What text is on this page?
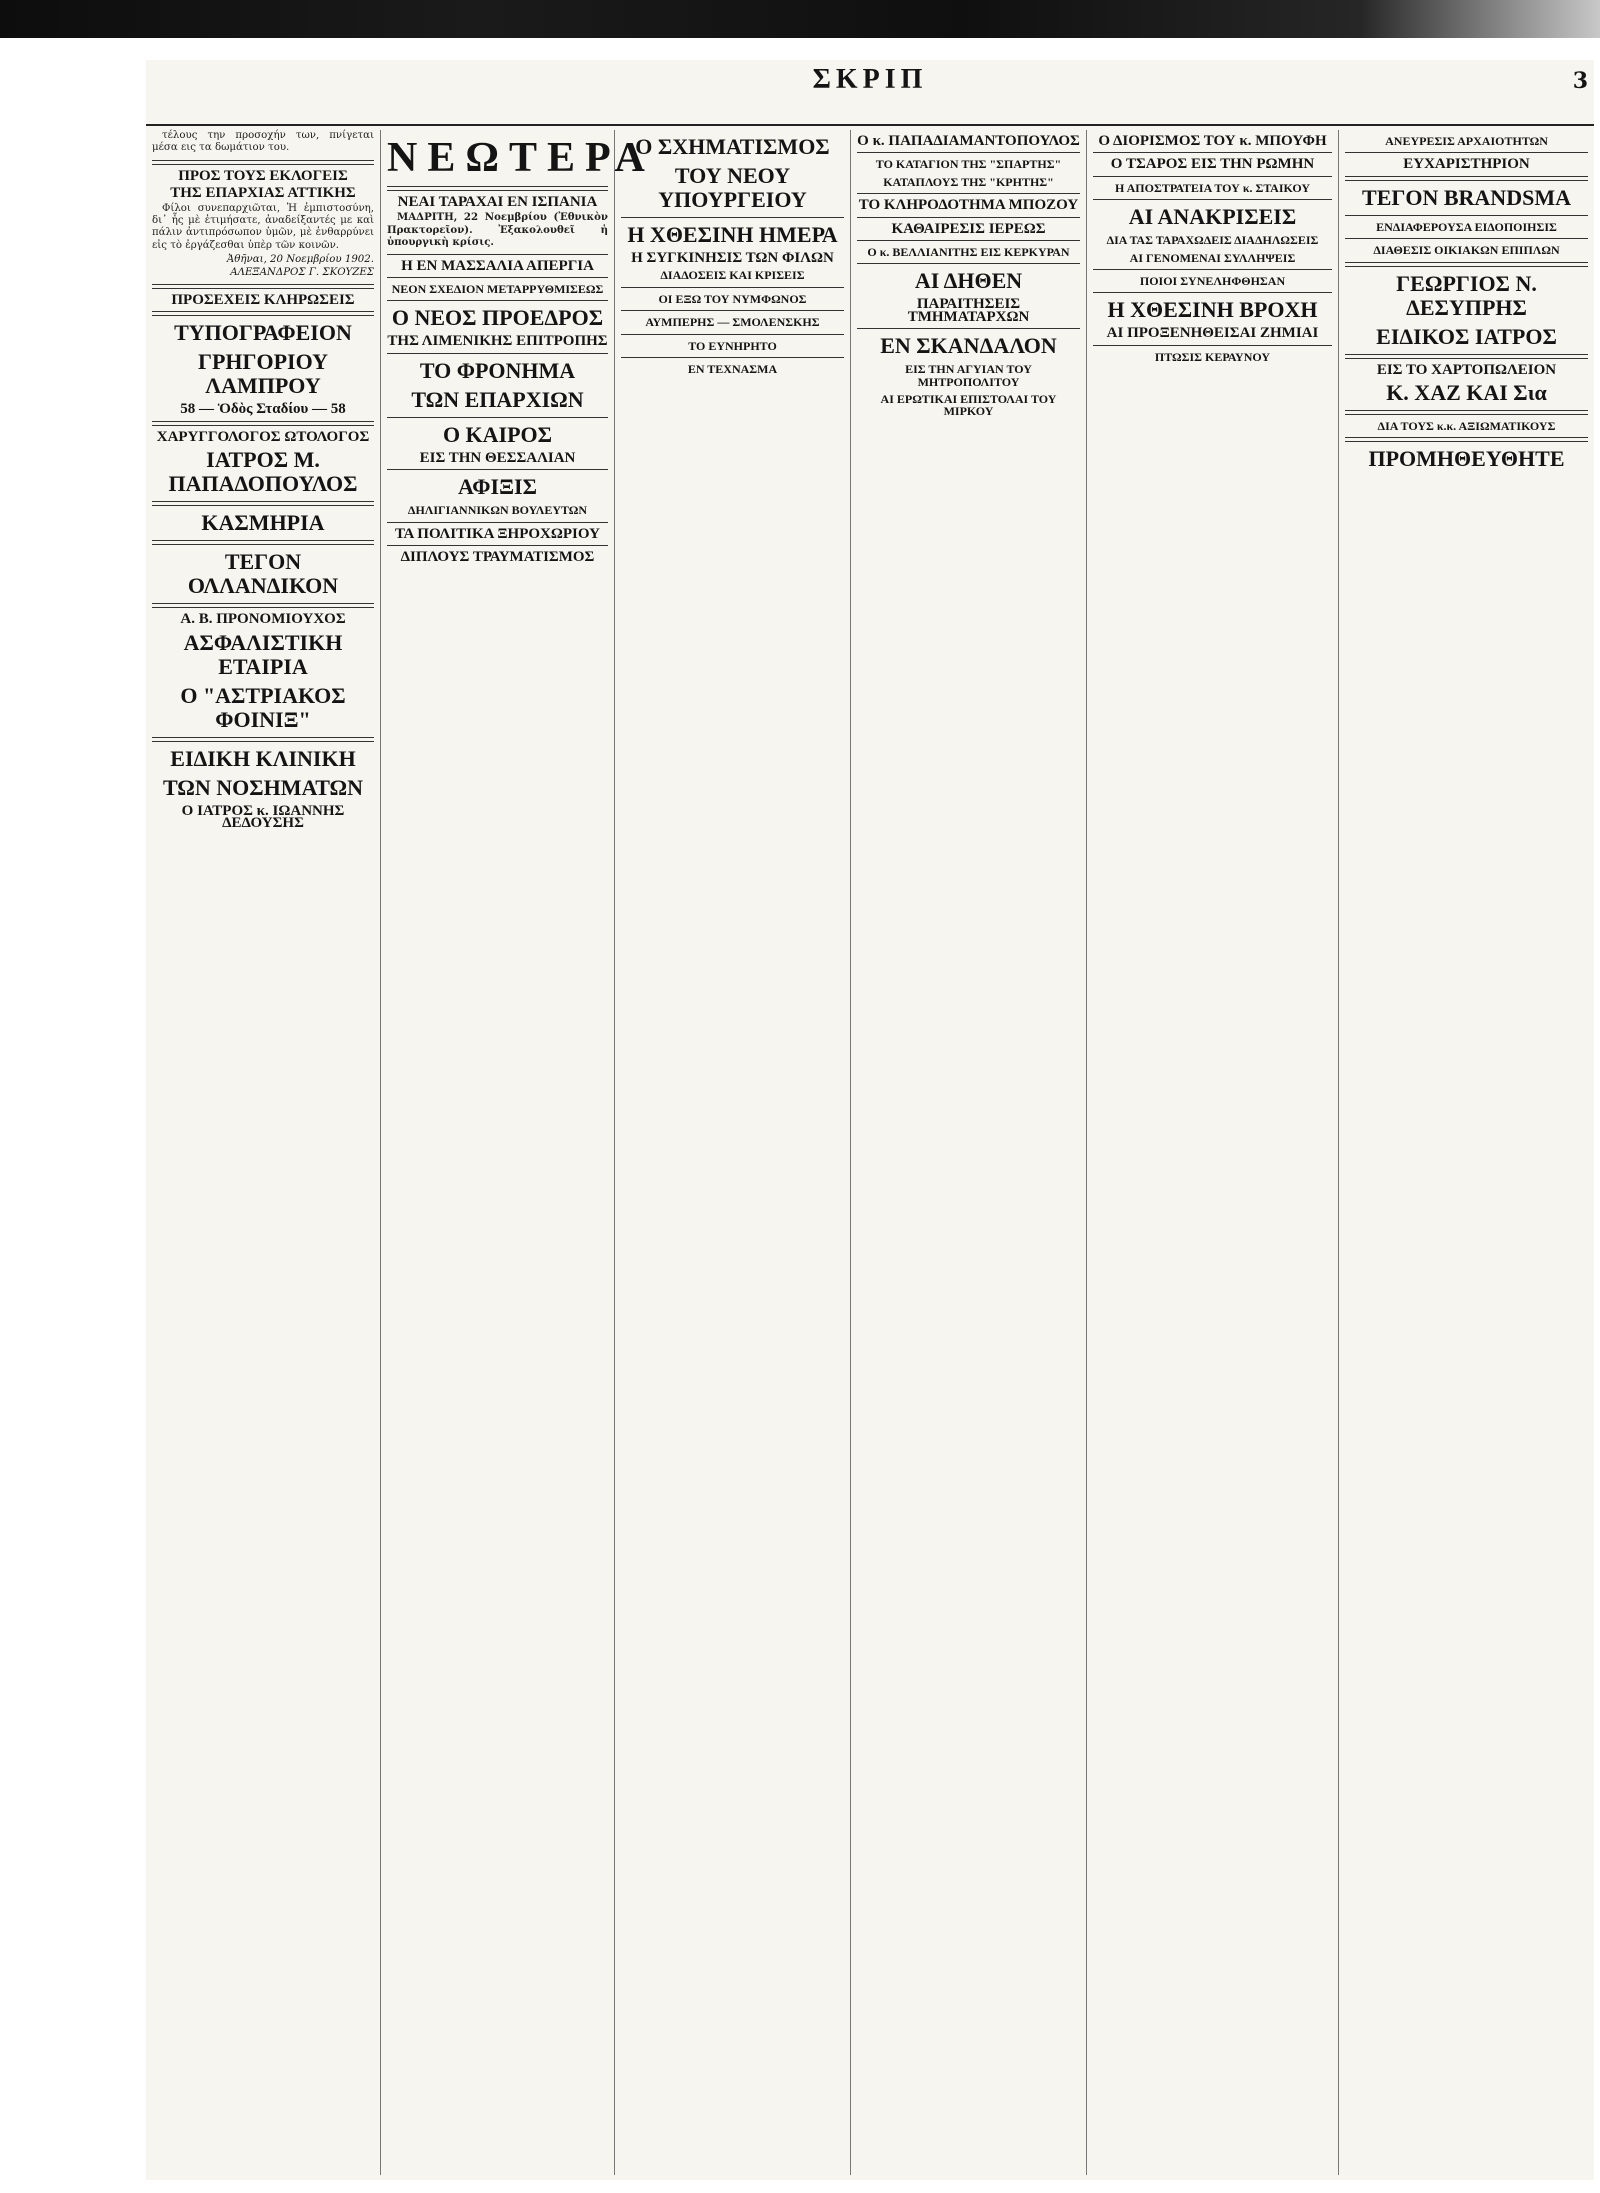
ΣΚΡΙΠ	3
τέλους την προσοχήν των, πνίγεται μέσα εις τα δωμάτιον του.
ΠΡΟΣ ΤΟΥΣ ΕΚΛΟΓΕΙΣ
ΤΗΣ ΕΠΑΡΧΙΑΣ ΑΤΤΙΚΗΣ
Φίλοι συνεπαρχιῶται, Ἡ ἐμπιστοσύνη, δι᾽ ἧς μὲ ἐτιμήσατε, ἀναδείξαντές με καὶ πάλιν ἀντιπρόσωπον ὑμῶν, μὲ ἐνθαρρύνει εἰς τὸ ἐργάζεσθαι ὑπὲρ τῶν κοινῶν.
Ἀθῆναι, 20 Νοεμβρίου 1902. ΑΛΕΞΑΝΔΡΟΣ Γ. ΣΚΟΥΖΕΣ
ΠΡΟΣΕΧΕΙΣ ΚΛΗΡΩΣΕΙΣ
ΤΥΠΟΓΡΑΦΕΙΟΝ
ΓΡΗΓΟΡΙΟΥ ΛΑΜΠΡΟΥ
58 — Ὁδὸς Σταδίου — 58
ΧΑΡΥΓΓΟΛΟΓΟΣ ΩΤΟΛΟΓΟΣ
ΙΑΤΡΟΣ Μ. ΠΑΠΑΔΟΠΟΥΛΟΣ
ΚΑΣΜΗΡΙΑ
ΤΕΓΟΝ ΟΛΛΑΝΔΙΚΟΝ
Α. Β. ΠΡΟΝΟΜΙΟΥΧΟΣ
ΑΣΦΑΛΙΣΤΙΚΗ ΕΤΑΙΡΙΑ
Ο "ΑΣΤΡΙΑΚΟΣ ΦΟΙΝΙΞ"
ΕΙΔΙΚΗ ΚΛΙΝΙΚΗ
ΤΩΝ ΝΟΣΗΜΑΤΩΝ
Ο ΙΑΤΡΟΣ κ. ΙΩΑΝΝΗΣ ΔΕΔΟΥΣΗΣ
ΝΕΩΤΕΡΑ
ΝΕΑΙ ΤΑΡΑΧΑΙ ΕΝ ΙΣΠΑΝΙΑ
ΜΑΔΡΙΤΗ, 22 Νοεμβρίου (Ἐθνικὸν Πρακτορεῖον). Ἐξακολουθεῖ ἡ ὑπουργικὴ κρίσις.
Η ΕΝ ΜΑΣΣΑΛΙΑ ΑΠΕΡΓΙΑ
ΝΕΟΝ ΣΧΕΔΙΟΝ ΜΕΤΑΡΡΥΘΜΙΣΕΩΣ
Ο ΝΕΟΣ ΠΡΟΕΔΡΟΣ
ΤΗΣ ΛΙΜΕΝΙΚΗΣ ΕΠΙΤΡΟΠΗΣ
ΤΟ ΦΡΟΝΗΜΑ
ΤΩΝ ΕΠΑΡΧΙΩΝ
Ο ΚΑΙΡΟΣ
ΕΙΣ ΤΗΝ ΘΕΣΣΑΛΙΑΝ
ΑΦΙΞΙΣ
ΔΗΛΙΓΙΑΝΝΙΚΩΝ ΒΟΥΛΕΥΤΩΝ
ΤΑ ΠΟΛΙΤΙΚΑ ΞΗΡΟΧΩΡΙΟΥ
ΔΙΠΛΟΥΣ ΤΡΑΥΜΑΤΙΣΜΟΣ
Ο ΣΧΗΜΑΤΙΣΜΟΣ
ΤΟΥ ΝΕΟΥ ΥΠΟΥΡΓΕΙΟΥ
Η ΧΘΕΣΙΝΗ ΗΜΕΡΑ
Η ΣΥΓΚΙΝΗΣΙΣ ΤΩΝ ΦΙΛΩΝ
ΔΙΑΔΟΣΕΙΣ ΚΑΙ ΚΡΙΣΕΙΣ
ΟΙ ΕΞΩ ΤΟΥ ΝΥΜΦΩΝΟΣ
ΑΥΜΠΕΡΗΣ — ΣΜΟΛΕΝΣΚΗΣ
ΤΟ ΕΥΝΗΡΗΤΟ
ΕΝ ΤΕΧΝΑΣΜΑ
Ο κ. ΠΑΠΑΔΙΑΜΑΝΤΟΠΟΥΛΟΣ
ΤΟ ΚΑΤΑΓΙΟΝ ΤΗΣ "ΣΠΑΡΤΗΣ"
ΚΑΤΑΠΛΟΥΣ ΤΗΣ "ΚΡΗΤΗΣ"
ΤΟ ΚΛΗΡΟΔΟΤΗΜΑ ΜΠΟΖΟΥ
ΚΑΘΑΙΡΕΣΙΣ ΙΕΡΕΩΣ
Ο κ. ΒΕΛΛΙΑΝΙΤΗΣ ΕΙΣ ΚΕΡΚΥΡΑΝ
ΑΙ ΔΗΘΕΝ
ΠΑΡΑΙΤΗΣΕΙΣ ΤΜΗΜΑΤΑΡΧΩΝ
ΕΝ ΣΚΑΝΔΑΛΟΝ
ΕΙΣ ΤΗΝ ΑΓΥΙΑΝ ΤΟΥ ΜΗΤΡΟΠΟΛΙΤΟΥ
ΑΙ ΕΡΩΤΙΚΑΙ ΕΠΙΣΤΟΛΑΙ ΤΟΥ ΜΙΡΚΟΥ
Ο ΔΙΟΡΙΣΜΟΣ ΤΟΥ κ. ΜΠΟΥΦΗ
Ο ΤΣΑΡΟΣ ΕΙΣ ΤΗΝ ΡΩΜΗΝ
Η ΑΠΟΣΤΡΑΤΕΙΑ ΤΟΥ κ. ΣΤΑΙΚΟΥ
ΑΙ ΑΝΑΚΡΙΣΕΙΣ
ΔΙΑ ΤΑΣ ΤΑΡΑΧΩΔΕΙΣ ΔΙΑΔΗΛΩΣΕΙΣ
ΑΙ ΓΕΝΟΜΕΝΑΙ ΣΥΛΛΗΨΕΙΣ
ΠΟΙΟΙ ΣΥΝΕΛΗΦΘΗΣΑΝ
Η ΧΘΕΣΙΝΗ ΒΡΟΧΗ
ΑΙ ΠΡΟΞΕΝΗΘΕΙΣΑΙ ΖΗΜΙΑΙ
ΠΤΩΣΙΣ ΚΕΡΑΥΝΟΥ
ΑΝΕΥΡΕΣΙΣ ΑΡΧΑΙΟΤΗΤΩΝ
ΕΥΧΑΡΙΣΤΗΡΙΟΝ
ΤΕΓΟΝ BRANDSMA
ΕΝΔΙΑΦΕΡΟΥΣΑ ΕΙΔΟΠΟΙΗΣΙΣ
ΔΙΑΘΕΣΙΣ ΟΙΚΙΑΚΩΝ ΕΠΙΠΛΩΝ
ΓΕΩΡΓΙΟΣ Ν. ΔΕΣΥΠΡΗΣ
ΕΙΔΙΚΟΣ ΙΑΤΡΟΣ
ΕΙΣ ΤΟ ΧΑΡΤΟΠΩΛΕΙΟΝ
Κ. ΧΑΖ ΚΑΙ Σια
ΔΙΑ ΤΟΥΣ κ.κ. ΑΞΙΩΜΑΤΙΚΟΥΣ
ΠΡΟΜΗΘΕΥΘΗΤΕ
